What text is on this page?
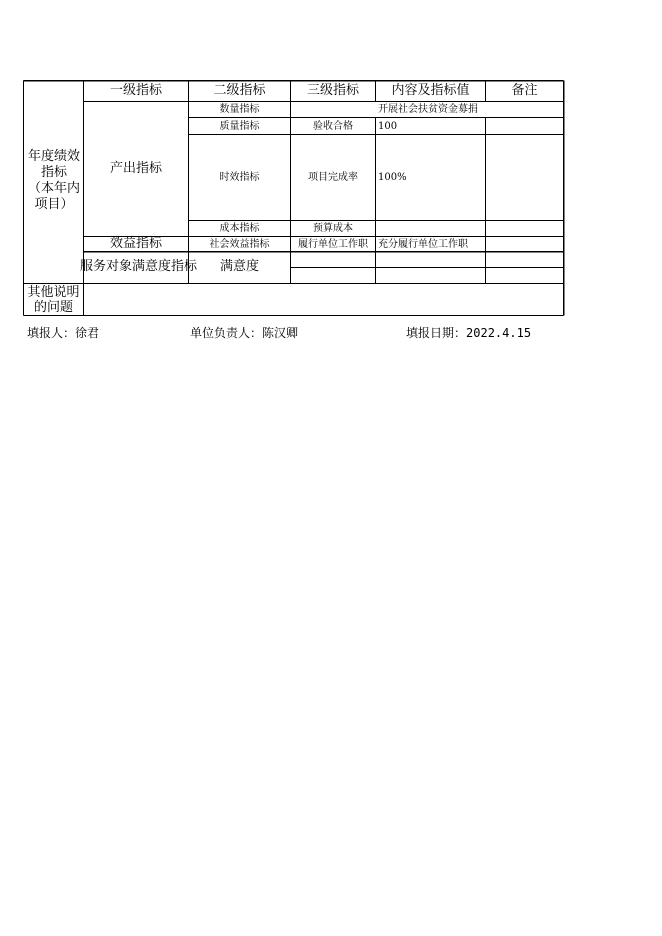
年度绩效
指标
（本年内
项目）
一级指标	二级指标	三级指标	内容及指标值	备注
产出指标
数量指标	开展社会扶贫资金募捐
质量指标	验收合格	100
时效指标	项目完成率	100%
成本指标	预算成本
效益指标	社会效益指标	履行单位工作职	充分履行单位工作职
服务对象满意度指标	满意度
其他说明
的问题
填报人：徐君	单位负责人：陈汉卿	填报日期：2022.4.15
